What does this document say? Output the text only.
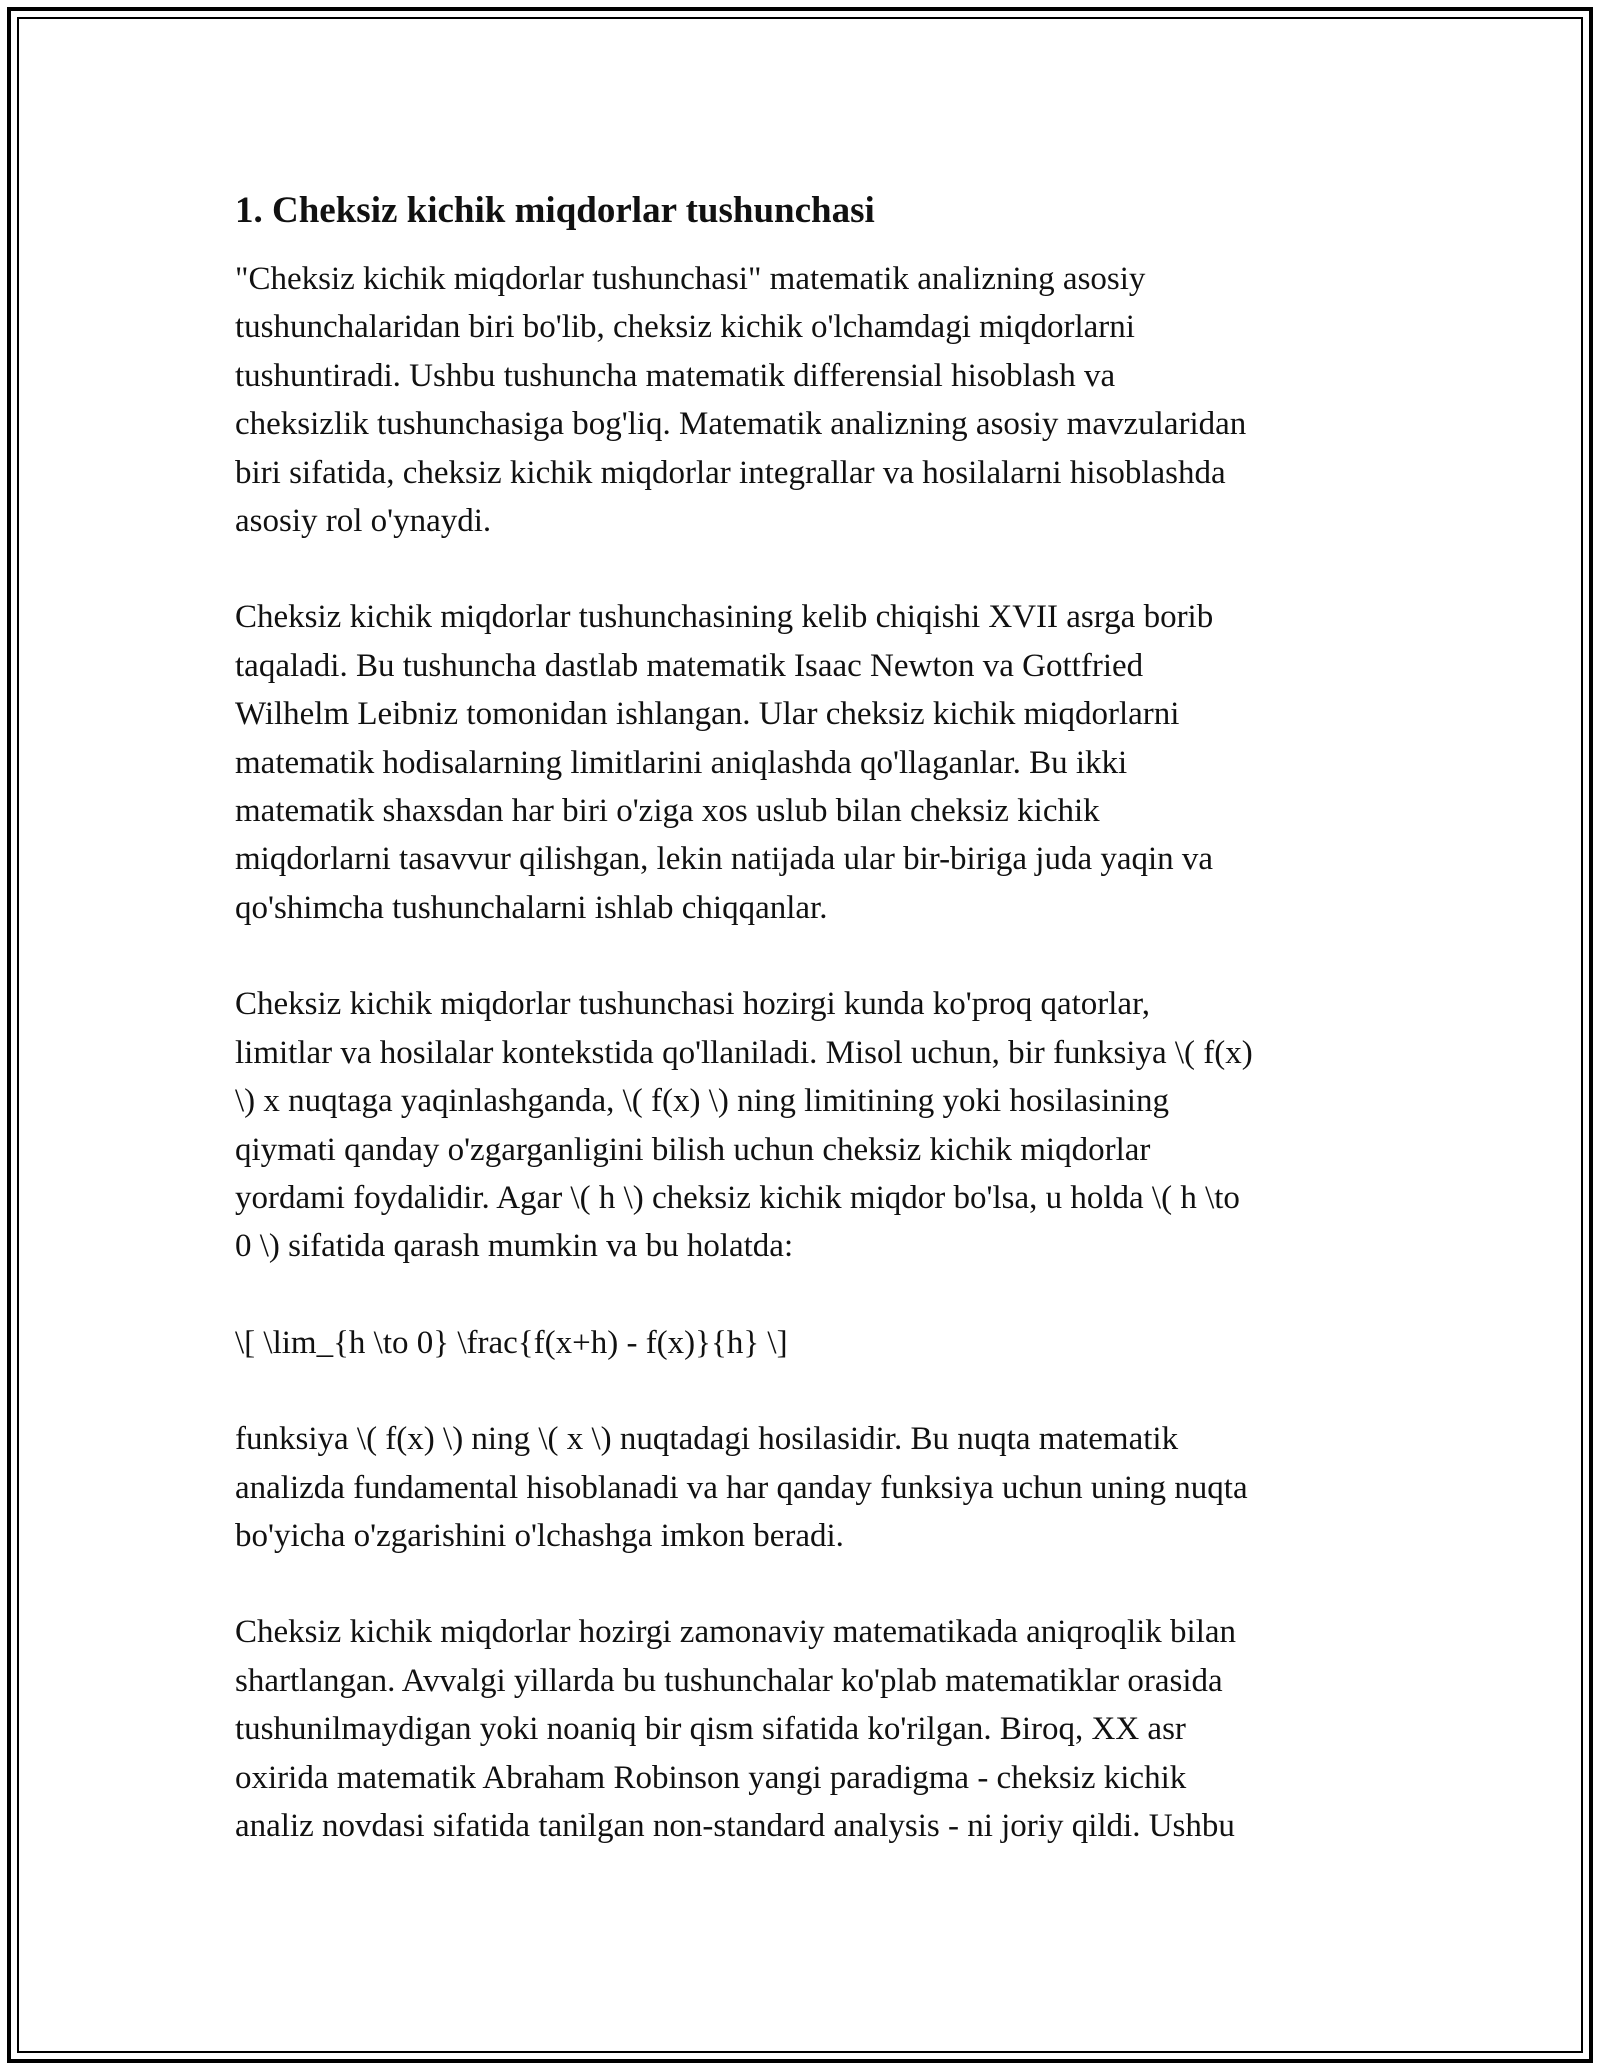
1. Cheksiz kichik miqdorlar tushunchasi
"Cheksiz kichik miqdorlar tushunchasi" matematik analizning asosiy
tushunchalaridan biri bo'lib, cheksiz kichik o'lchamdagi miqdorlarni
tushuntiradi. Ushbu tushuncha matematik differensial hisoblash va
cheksizlik tushunchasiga bog'liq. Matematik analizning asosiy mavzularidan
biri sifatida, cheksiz kichik miqdorlar integrallar va hosilalarni hisoblashda
asosiy rol o'ynaydi.
Cheksiz kichik miqdorlar tushunchasining kelib chiqishi XVII asrga borib
taqaladi. Bu tushuncha dastlab matematik Isaac Newton va Gottfried
Wilhelm Leibniz tomonidan ishlangan. Ular cheksiz kichik miqdorlarni
matematik hodisalarning limitlarini aniqlashda qo'llaganlar. Bu ikki
matematik shaxsdan har biri o'ziga xos uslub bilan cheksiz kichik
miqdorlarni tasavvur qilishgan, lekin natijada ular bir-biriga juda yaqin va
qo'shimcha tushunchalarni ishlab chiqqanlar.
Cheksiz kichik miqdorlar tushunchasi hozirgi kunda ko'proq qatorlar,
limitlar va hosilalar kontekstida qo'llaniladi. Misol uchun, bir funksiya \( f(x)
\) x nuqtaga yaqinlashganda, \( f(x) \) ning limitining yoki hosilasining
qiymati qanday o'zgarganligini bilish uchun cheksiz kichik miqdorlar
yordami foydalidir. Agar \( h \) cheksiz kichik miqdor bo'lsa, u holda \( h \to
0 \) sifatida qarash mumkin va bu holatda:
\[ \lim_{h \to 0} \frac{f(x+h) - f(x)}{h} \]
funksiya \( f(x) \) ning \( x \) nuqtadagi hosilasidir. Bu nuqta matematik
analizda fundamental hisoblanadi va har qanday funksiya uchun uning nuqta
bo'yicha o'zgarishini o'lchashga imkon beradi.
Cheksiz kichik miqdorlar hozirgi zamonaviy matematikada aniqroqlik bilan
shartlangan. Avvalgi yillarda bu tushunchalar ko'plab matematiklar orasida
tushunilmaydigan yoki noaniq bir qism sifatida ko'rilgan. Biroq, XX asr
oxirida matematik Abraham Robinson yangi paradigma - cheksiz kichik
analiz novdasi sifatida tanilgan non-standard analysis - ni joriy qildi. Ushbu
